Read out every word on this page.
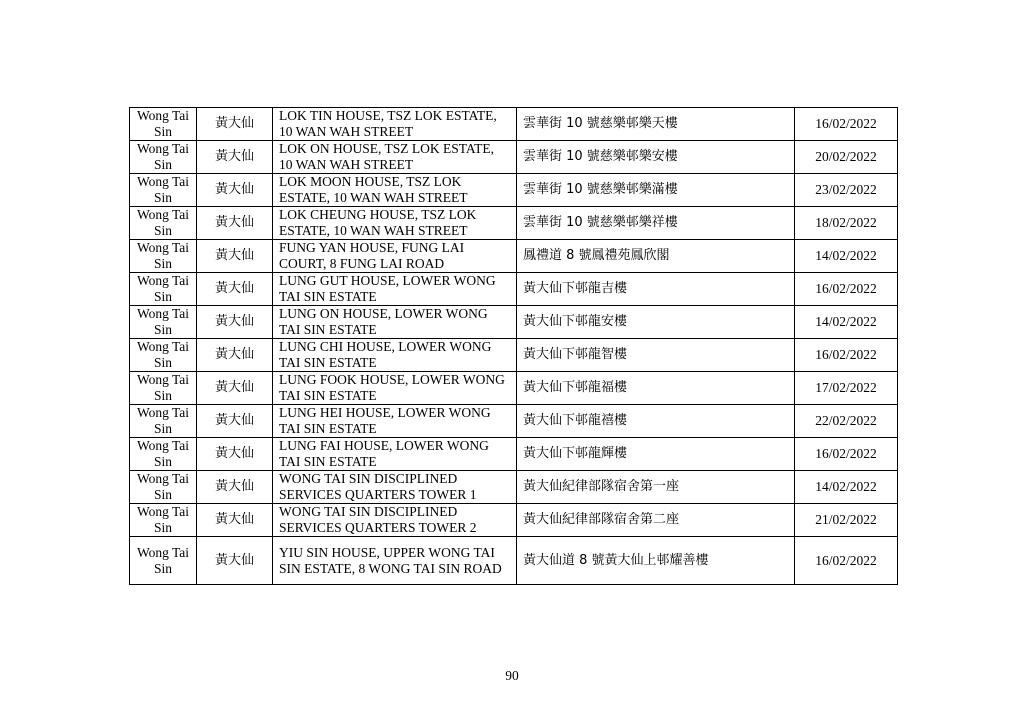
Wong Tai Sin	黃大仙	LOK TIN HOUSE, TSZ LOK ESTATE, 10 WAN WAH STREET	雲華街 10 號慈樂邨樂天樓	16/02/2022
Wong Tai Sin	黃大仙	LOK ON HOUSE, TSZ LOK ESTATE, 10 WAN WAH STREET	雲華街 10 號慈樂邨樂安樓	20/02/2022
Wong Tai Sin	黃大仙	LOK MOON HOUSE, TSZ LOK ESTATE, 10 WAN WAH STREET	雲華街 10 號慈樂邨樂滿樓	23/02/2022
Wong Tai Sin	黃大仙	LOK CHEUNG HOUSE, TSZ LOK ESTATE, 10 WAN WAH STREET	雲華街 10 號慈樂邨樂祥樓	18/02/2022
Wong Tai Sin	黃大仙	FUNG YAN HOUSE, FUNG LAI COURT, 8 FUNG LAI ROAD	鳳禮道 8 號鳳禮苑鳳欣閣	14/02/2022
Wong Tai Sin	黃大仙	LUNG GUT HOUSE, LOWER WONG TAI SIN ESTATE	黃大仙下邨龍吉樓	16/02/2022
Wong Tai Sin	黃大仙	LUNG ON HOUSE, LOWER WONG TAI SIN ESTATE	黃大仙下邨龍安樓	14/02/2022
Wong Tai Sin	黃大仙	LUNG CHI HOUSE, LOWER WONG TAI SIN ESTATE	黃大仙下邨龍智樓	16/02/2022
Wong Tai Sin	黃大仙	LUNG FOOK HOUSE, LOWER WONG TAI SIN ESTATE	黃大仙下邨龍福樓	17/02/2022
Wong Tai Sin	黃大仙	LUNG HEI HOUSE, LOWER WONG TAI SIN ESTATE	黃大仙下邨龍禧樓	22/02/2022
Wong Tai Sin	黃大仙	LUNG FAI HOUSE, LOWER WONG TAI SIN ESTATE	黃大仙下邨龍輝樓	16/02/2022
Wong Tai Sin	黃大仙	WONG TAI SIN DISCIPLINED SERVICES QUARTERS TOWER 1	黃大仙紀律部隊宿舍第一座	14/02/2022
Wong Tai Sin	黃大仙	WONG TAI SIN DISCIPLINED SERVICES QUARTERS TOWER 2	黃大仙紀律部隊宿舍第二座	21/02/2022
Wong Tai Sin	黃大仙	YIU SIN HOUSE, UPPER WONG TAI SIN ESTATE, 8 WONG TAI SIN ROAD	黃大仙道 8 號黃大仙上邨耀善樓	16/02/2022
90
